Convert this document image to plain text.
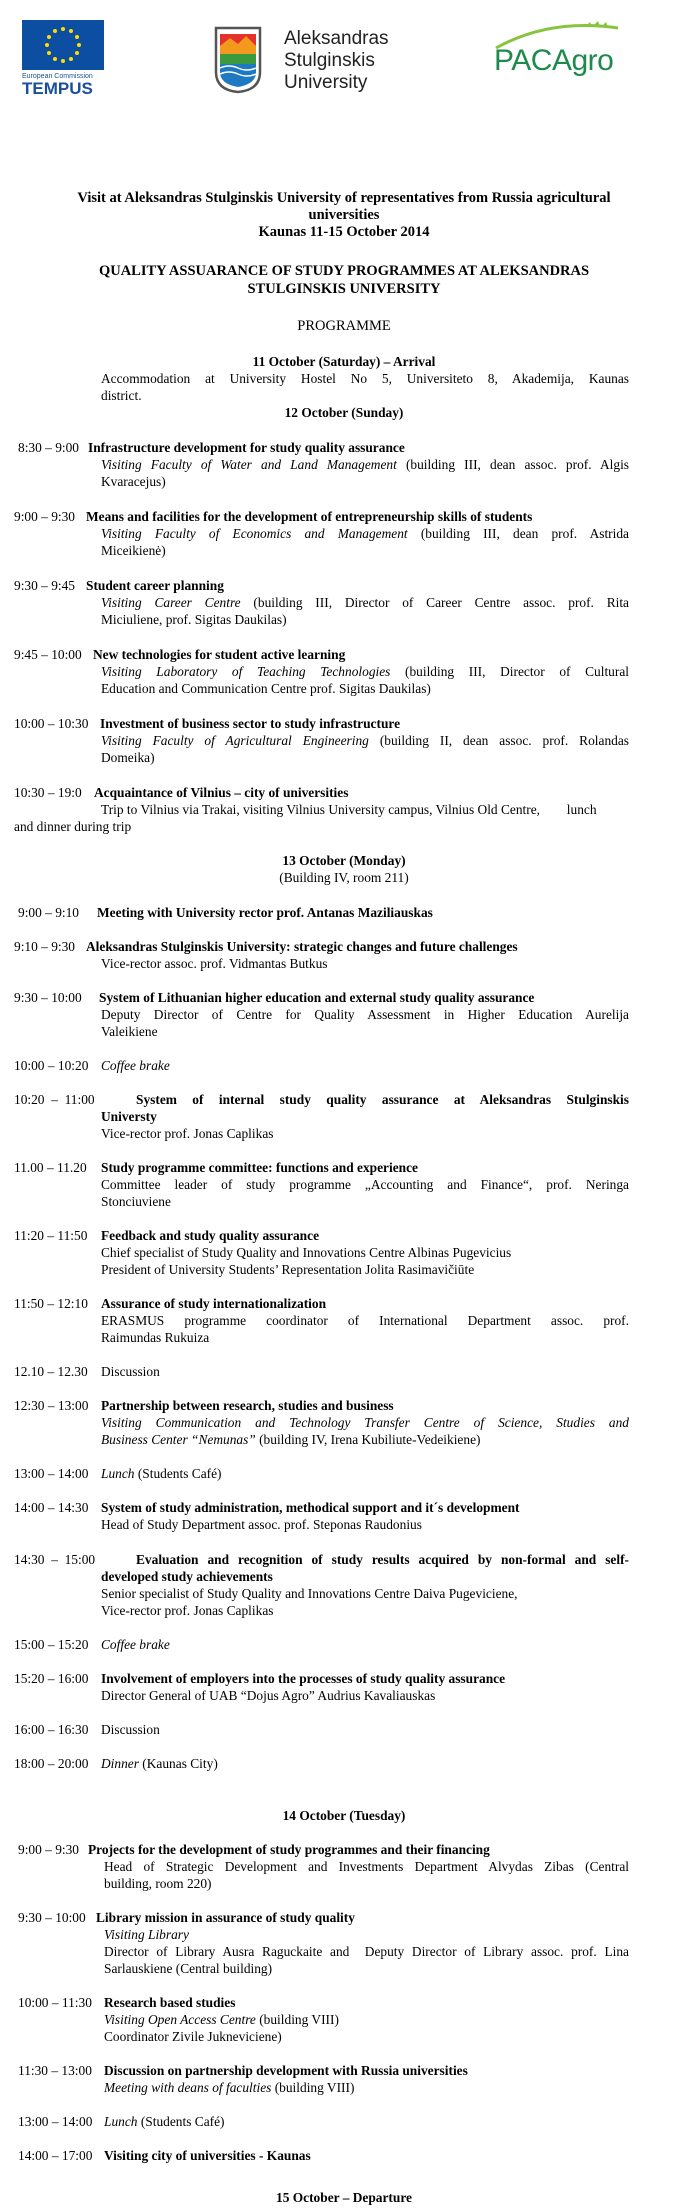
European Commission
TEMPUS
Aleksandras
Stulginskis
University
PACAgro
Visit at Aleksandras Stulginskis University of representatives from Russia agricultural
universities
Kaunas 11-15 October 2014
QUALITY ASSUARANCE OF STUDY PROGRAMMES AT ALEKSANDRAS
STULGINSKIS UNIVERSITY
PROGRAMME
11 October (Saturday) – Arrival
Accommodation at University Hostel No 5, Universiteto 8, Akademija, Kaunas
district.
12 October (Sunday)
8:30 – 9:00 Infrastructure development for study quality assurance
Visiting Faculty of Water and Land Management (building III, dean assoc. prof. Algis
Kvaracejus)
9:00 – 9:30 Means and facilities for the development of entrepreneurship skills of students
Visiting Faculty of Economics and Management (building III, dean prof. Astrida
Miceikienė)
9:30 – 9:45 Student career planning
Visiting Career Centre (building III, Director of Career Centre assoc. prof. Rita
Miciuliene, prof. Sigitas Daukilas)
9:45 – 10:00 New technologies for student active learning
Visiting Laboratory of Teaching Technologies (building III, Director of Cultural
Education and Communication Centre prof. Sigitas Daukilas)
10:00 – 10:30 Investment of business sector to study infrastructure
Visiting Faculty of Agricultural Engineering (building II, dean assoc. prof. Rolandas
Domeika)
10:30 – 19:0 Acquaintance of Vilnius – city of universities
Trip to Vilnius via Trakai, visiting Vilnius University campus, Vilnius Old Centre,        lunch
and dinner during trip
13 October (Monday)
(Building IV, room 211)
9:00 – 9:10 Meeting with University rector prof. Antanas Maziliauskas
9:10 – 9:30 Aleksandras Stulginskis University: strategic changes and future challenges
Vice-rector assoc. prof. Vidmantas Butkus
9:30 – 10:00 System of Lithuanian higher education and external study quality assurance
Deputy Director of Centre for Quality Assessment in Higher Education Aurelija
Valeikiene
10:00 – 10:20 Coffee brake
10:20  –  11:00	System of internal study quality assurance at Aleksandras Stulginskis
Universty
Vice-rector prof. Jonas Caplikas
11.00 – 11.20 Study programme committee: functions and experience
Committee leader of study programme „Accounting and Finance“, prof. Neringa
Stonciuviene
11:20 – 11:50 Feedback and study quality assurance
Chief specialist of Study Quality and Innovations Centre Albinas Pugevicius
President of University Students’ Representation Jolita Rasimavičiūte
11:50 – 12:10 Assurance of study internationalization
ERASMUS programme coordinator of International Department assoc. prof.
Raimundas Rukuiza
12.10 – 12.30 Discussion
12:30 – 13:00 Partnership between research, studies and business
Visiting Communication and Technology Transfer Centre of Science, Studies and
Business Center “Nemunas” (building IV, Irena Kubiliute-Vedeikiene)
13:00 – 14:00 Lunch (Students Café)
14:00 – 14:30 System of study administration, methodical support and it´s development
Head of Study Department assoc. prof. Steponas Raudonius
14:30  –  15:00	Evaluation and recognition of study results acquired by non-formal and self-
developed study achievements
Senior specialist of Study Quality and Innovations Centre Daiva Pugeviciene,
Vice-rector prof. Jonas Caplikas
15:00 – 15:20 Coffee brake
15:20 – 16:00 Involvement of employers into the processes of study quality assurance
Director General of UAB “Dojus Agro” Audrius Kavaliauskas
16:00 – 16:30 Discussion
18:00 – 20:00 Dinner (Kaunas City)
14 October (Tuesday)
9:00 – 9:30 Projects for the development of study programmes and their financing
Head of Strategic Development and Investments Department Alvydas Zibas (Central
building, room 220)
9:30 – 10:00 Library mission in assurance of study quality
Visiting Library
Director of Library Ausra Raguckaite and  Deputy Director of Library assoc. prof. Lina
Sarlauskiene (Central building)
10:00 – 11:30 Research based studies
Visiting Open Access Centre (building VIII)
Coordinator Zivile Jukneviciene)
11:30 – 13:00 Discussion on partnership development with Russia universities
Meeting with deans of faculties (building VIII)
13:00 – 14:00 Lunch (Students Café)
14:00 – 17:00 Visiting city of universities - Kaunas
15 October – Departure
